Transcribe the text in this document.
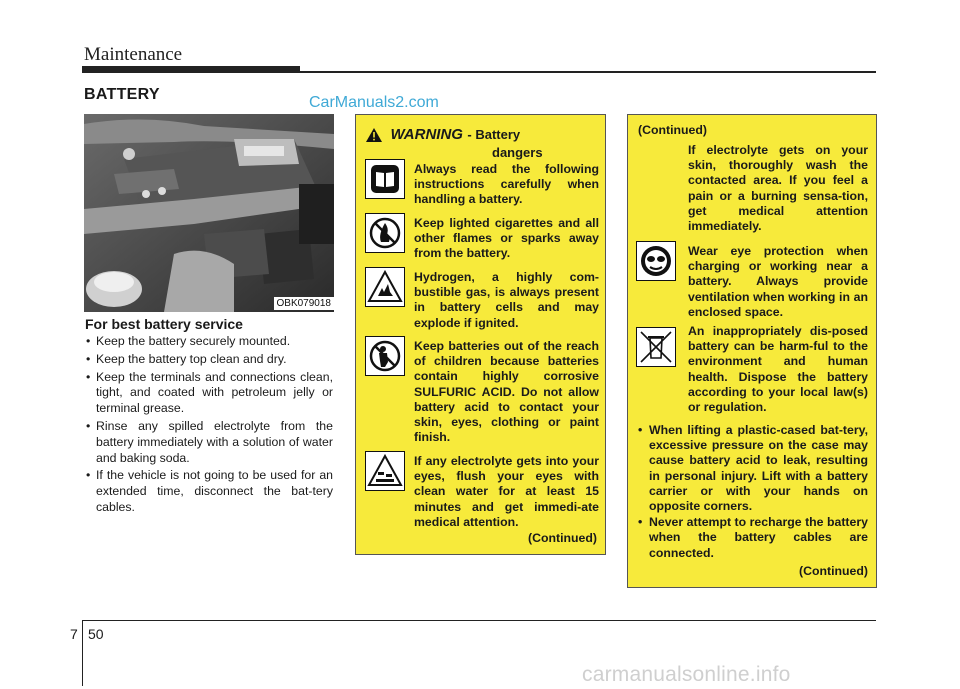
Maintenance
BATTERY	CarManuals2.com
OBK079018
For best battery service
• Keep the battery securely mounted.
• Keep the battery top clean and dry.
• Keep the terminals and connections clean, tight, and coated with petroleum jelly or terminal grease.
• Rinse any spilled electrolyte from the battery immediately with a solution of water and baking soda.
• If the vehicle is not going to be used for an extended time, disconnect the bat-tery cables.
WARNING - Battery
dangers
Always read the following instructions carefully when handling a battery.
Keep lighted cigarettes and all other flames or sparks away from the battery.
Hydrogen, a highly com-bustible gas, is always present in battery cells and may explode if ignited.
Keep batteries out of the reach of children because batteries contain highly corrosive SULFURIC ACID. Do not allow battery acid to contact your skin, eyes, clothing or paint finish.
If any electrolyte gets into your eyes, flush your eyes with clean water for at least 15 minutes and get immedi-ate medical attention.
(Continued)
(Continued)
If electrolyte gets on your skin, thoroughly wash the contacted area. If you feel a pain or a burning sensa-tion, get medical attention immediately.
Wear eye protection when charging or working near a battery. Always provide ventilation when working in an enclosed space.
An inappropriately dis-posed battery can be harm-ful to the environment and human health. Dispose the battery according to your local law(s) or regulation.
• When lifting a plastic-cased bat-tery, excessive pressure on the case may cause battery acid to leak, resulting in personal injury. Lift with a battery carrier or with your hands on opposite corners.
• Never attempt to recharge the battery when the battery cables are connected.
(Continued)
7 50
carmanualsonline.info
